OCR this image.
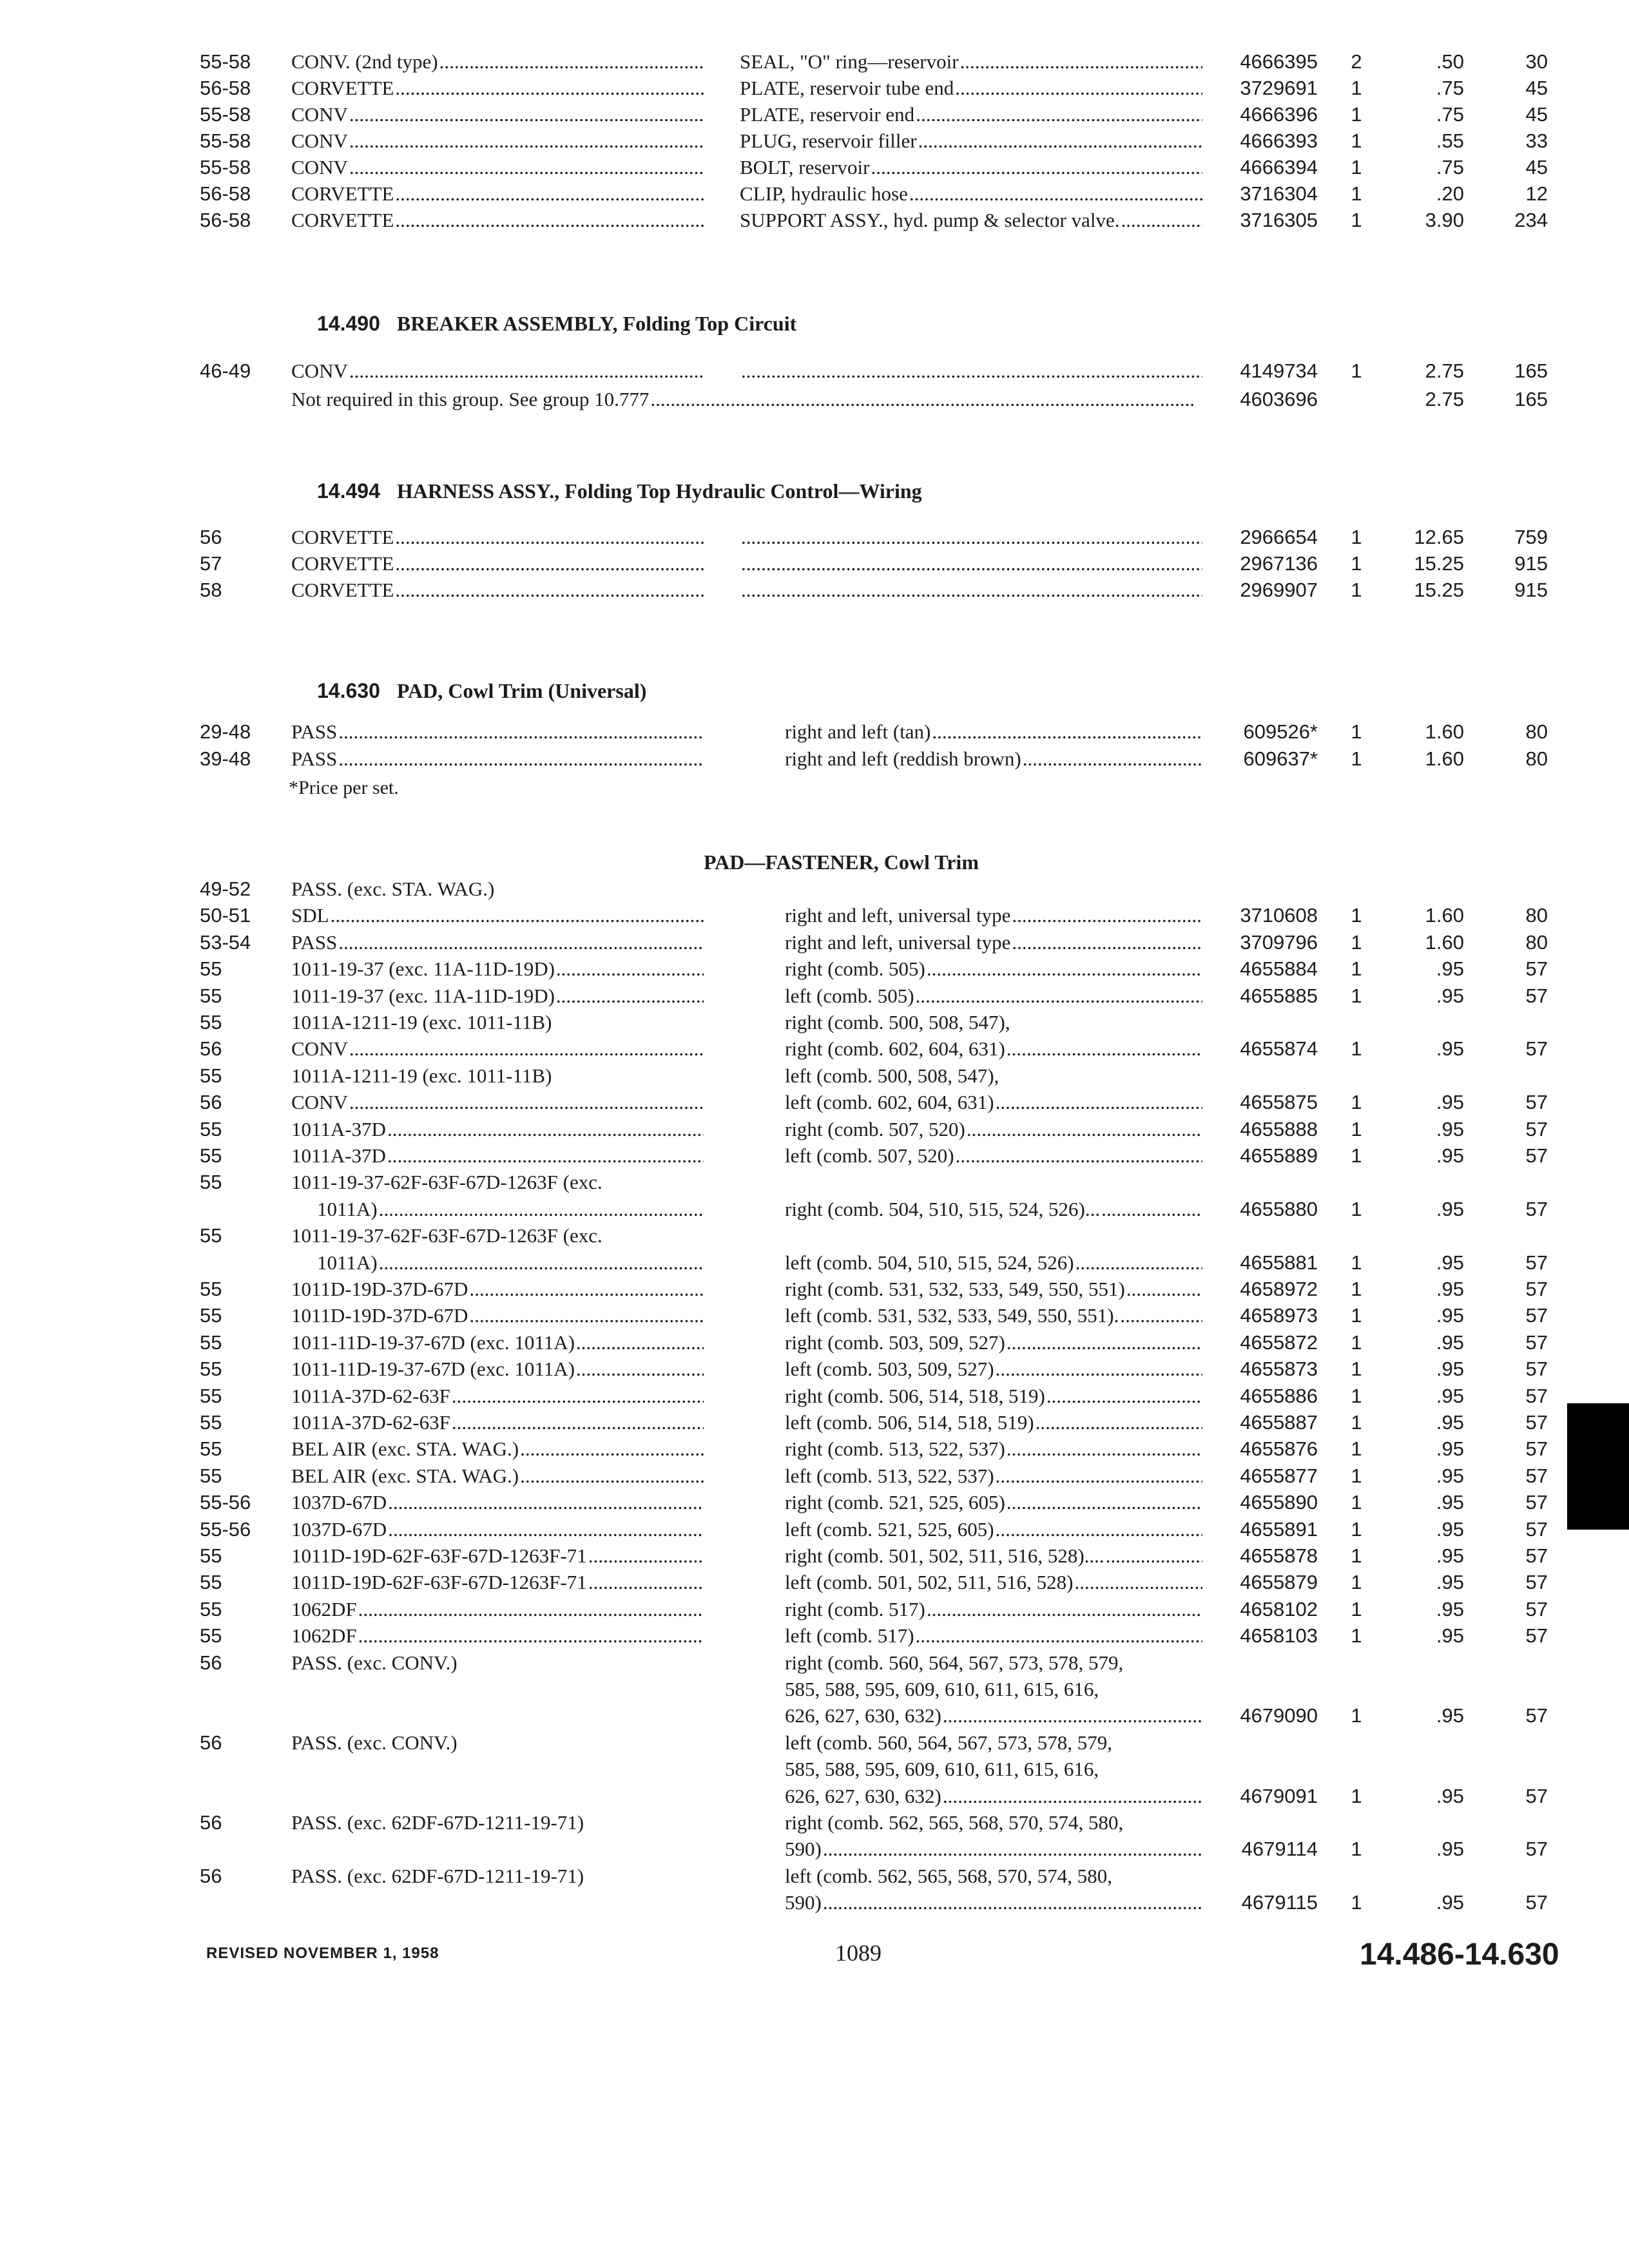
55-58 CONV. (2nd type) .....	SEAL, "O" ring—reservoir .....	4666395 2	.50	30
56-58 CORVETTE .....	PLATE, reservoir tube end .....	3729691 1	.75	45
55-58 CONV .....	PLATE, reservoir end .....	4666396 1	.75	45
55-58 CONV .....	PLUG, reservoir filler .....	4666393 1	.55	33
55-58 CONV .....	BOLT, reservoir .....	4666394 1	.75	45
56-58 CORVETTE .....	CLIP, hydraulic hose .....	3716304 1	.20	12
56-58 CORVETTE .....	SUPPORT ASSY., hyd. pump & selector valve. .....	3716305 1	3.90	234
14.490 BREAKER ASSEMBLY, Folding Top Circuit
46-49 CONV ..... .....	4149734 1	2.75	165
Not required in this group. See group 10.777 .....	4603696	2.75	165
14.494 HARNESS ASSY., Folding Top Hydraulic Control—Wiring
56	CORVETTE ..... .....	2966654 1	12.65	759
57	CORVETTE ..... .....	2967136 1	15.25	915
58	CORVETTE ..... .....	2969907 1	15.25	915
14.630 PAD, Cowl Trim (Universal)
29-48 PASS .....	right and left (tan) .....	609526* 1	1.60	80
39-48 PASS .....	right and left (reddish brown) .....	609637* 1	1.60	80
*Price per set.
PAD—FASTENER, Cowl Trim
49-52 PASS. (exc. STA. WAG.)
50-51 SDL .....	right and left, universal type .....	3710608 1	1.60	80
53-54 PASS .....	right and left, universal type .....	3709796 1	1.60	80
55	1011-19-37 (exc. 11A-11D-19D) .....	right (comb. 505) .....	4655884 1	.95	57
55	1011-19-37 (exc. 11A-11D-19D) .....	left (comb. 505) .....	4655885 1	.95	57
55	1011A-1211-19 (exc. 1011-11B)	right (comb. 500, 508, 547),
56	CONV .....	right (comb. 602, 604, 631) .....	4655874 1	.95	57
55	1011A-1211-19 (exc. 1011-11B)	left (comb. 500, 508, 547),
56	CONV .....	left (comb. 602, 604, 631) .....	4655875 1	.95	57
55	1011A-37D .....	right (comb. 507, 520) .....	4655888 1	.95	57
55	1011A-37D .....	left (comb. 507, 520) .....	4655889 1	.95	57
55	1011-19-37-62F-63F-67D-1263F (exc.
1011A) .....	right (comb. 504, 510, 515, 524, 526)... .....	4655880 1	.95	57
55	1011-19-37-62F-63F-67D-1263F (exc.
1011A) .....	left (comb. 504, 510, 515, 524, 526) .....	4655881 1	.95	57
55	1011D-19D-37D-67D .....	right (comb. 531, 532, 533, 549, 550, 551) .....	4658972 1	.95	57
55	1011D-19D-37D-67D .....	left (comb. 531, 532, 533, 549, 550, 551). .....	4658973 1	.95	57
55	1011-11D-19-37-67D (exc. 1011A) .....	right (comb. 503, 509, 527) .....	4655872 1	.95	57
55	1011-11D-19-37-67D (exc. 1011A) .....	left (comb. 503, 509, 527) .....	4655873 1	.95	57
55	1011A-37D-62-63F .....	right (comb. 506, 514, 518, 519) .....	4655886 1	.95	57
55	1011A-37D-62-63F .....	left (comb. 506, 514, 518, 519) .....	4655887 1	.95	57
55	BEL AIR (exc. STA. WAG.) .....	right (comb. 513, 522, 537) .....	4655876 1	.95	57
55	BEL AIR (exc. STA. WAG.) .....	left (comb. 513, 522, 537) .....	4655877 1	.95	57
55-56 1037D-67D .....	right (comb. 521, 525, 605) .....	4655890 1	.95	57
55-56 1037D-67D .....	left (comb. 521, 525, 605) .....	4655891 1	.95	57
55	1011D-19D-62F-63F-67D-1263F-71 .....	right (comb. 501, 502, 511, 516, 528).... .....	4655878 1	.95	57
55	1011D-19D-62F-63F-67D-1263F-71 .....	left (comb. 501, 502, 511, 516, 528) .....	4655879 1	.95	57
55	1062DF .....	right (comb. 517) .....	4658102 1	.95	57
55	1062DF .....	left (comb. 517) .....	4658103 1	.95	57
56	PASS. (exc. CONV.)	right (comb. 560, 564, 567, 573, 578, 579,
585, 588, 595, 609, 610, 611, 615, 616,
626, 627, 630, 632) .....	4679090 1	.95	57
56	PASS. (exc. CONV.)	left (comb. 560, 564, 567, 573, 578, 579,
585, 588, 595, 609, 610, 611, 615, 616,
626, 627, 630, 632) .....	4679091 1	.95	57
56	PASS. (exc. 62DF-67D-1211-19-71)	right (comb. 562, 565, 568, 570, 574, 580,
590) .....	4679114 1	.95	57
56	PASS. (exc. 62DF-67D-1211-19-71)	left (comb. 562, 565, 568, 570, 574, 580,
590) .....	4679115 1	.95	57
REVISED NOVEMBER 1, 1958	1089	14.486-14.630
